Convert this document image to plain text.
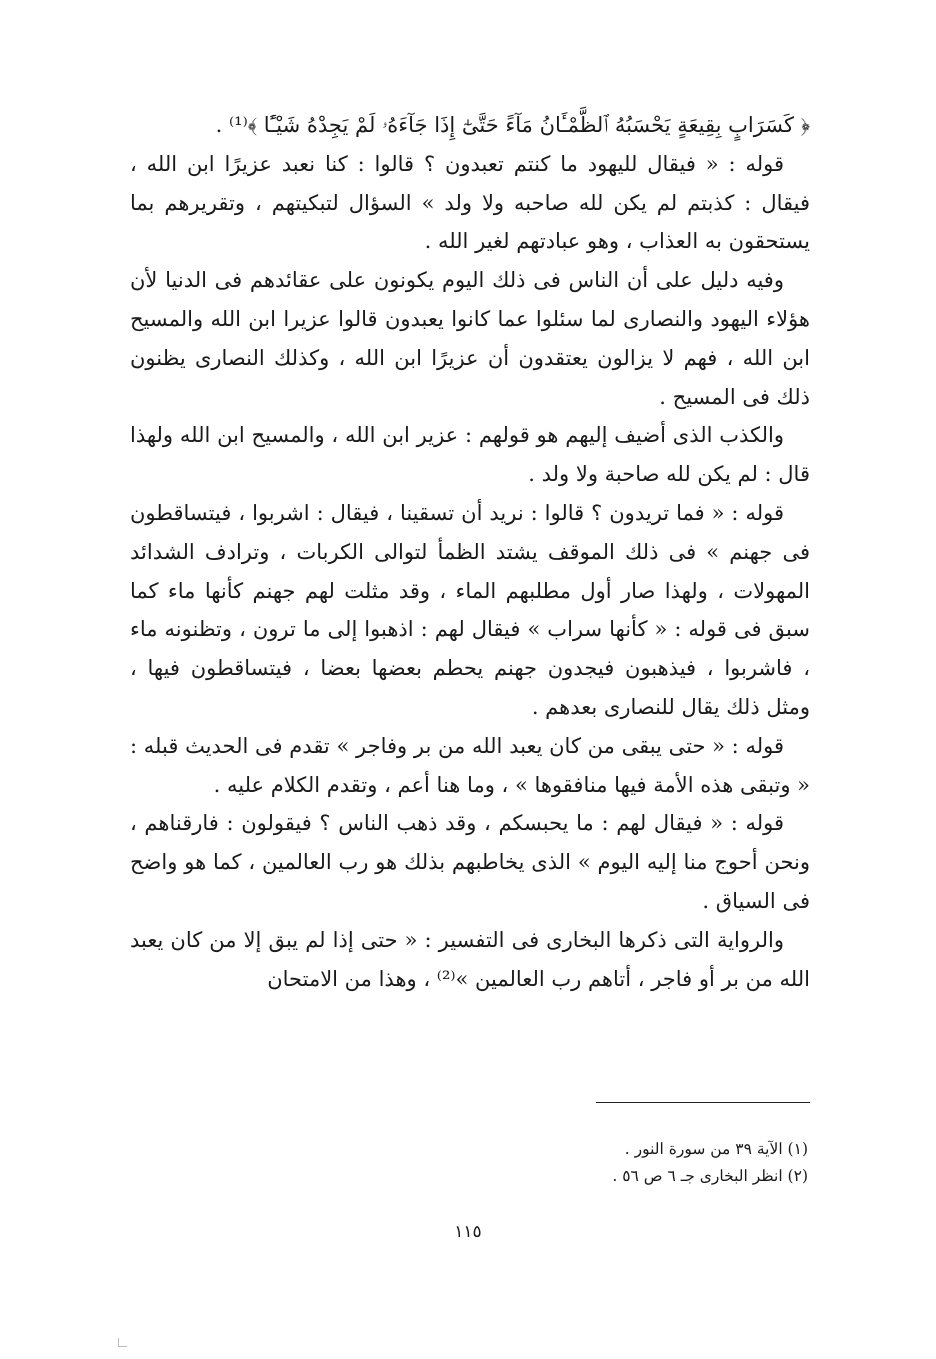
﴿ كَسَرَابٍ بِقِيعَةٍ يَحْسَبُهُ ٱلظَّمْـَٔانُ مَآءً حَتَّىٰٓ إِذَا جَآءَهُۥ لَمْ يَجِدْهُ شَيْـًٔا ﴾⁽¹⁾ .

قوله : « فيقال لليهود ما كنتم تعبدون ؟ قالوا : كنا نعبد عزيرًا ابن الله ، فيقال : كذبتم لم يكن لله صاحبه ولا ولد » السؤال لتبكيتهم ، وتقريرهم بما يستحقون به العذاب ، وهو عبادتهم لغير الله .

وفيه دليل على أن الناس فى ذلك اليوم يكونون على عقائدهم فى الدنيا لأن هؤلاء اليهود والنصارى لما سئلوا عما كانوا يعبدون قالوا عزيرا ابن الله والمسيح ابن الله ، فهم لا يزالون يعتقدون أن عزيرًا ابن الله ، وكذلك النصارى يظنون ذلك فى المسيح .

والكذب الذى أضيف إليهم هو قولهم : عزير ابن الله ، والمسيح ابن الله ولهذا قال : لم يكن لله صاحبة ولا ولد .

قوله : « فما تريدون ؟ قالوا : نريد أن تسقينا ، فيقال : اشربوا ، فيتساقطون فى جهنم » فى ذلك الموقف يشتد الظمأ لتوالى الكربات ، وترادف الشدائد المهولات ، ولهذا صار أول مطلبهم الماء ، وقد مثلت لهم جهنم كأنها ماء كما سبق فى قوله : « كأنها سراب » فيقال لهم : اذهبوا إلى ما ترون ، وتظنونه ماء ، فاشربوا ، فيذهبون فيجدون جهنم يحطم بعضها بعضا ، فيتساقطون فيها ، ومثل ذلك يقال للنصارى بعدهم .

قوله : « حتى يبقى من كان يعبد الله من بر وفاجر » تقدم فى الحديث قبله : « وتبقى هذه الأمة فيها منافقوها » ، وما هنا أعم ، وتقدم الكلام عليه .

قوله : « فيقال لهم : ما يحبسكم ، وقد ذهب الناس ؟ فيقولون : فارقناهم ، ونحن أحوج منا إليه اليوم » الذى يخاطبهم بذلك هو رب العالمين ، كما هو واضح فى السياق .

والرواية التى ذكرها البخارى فى التفسير : « حتى إذا لم يبق إلا من كان يعبد الله من بر أو فاجر ، أتاهم رب العالمين »⁽²⁾ ، وهذا من الامتحان

(١) الآية ٣٩ من سورة النور .
(٢) انظر البخارى جـ ٦ ص ٥٦ .
١١٥
